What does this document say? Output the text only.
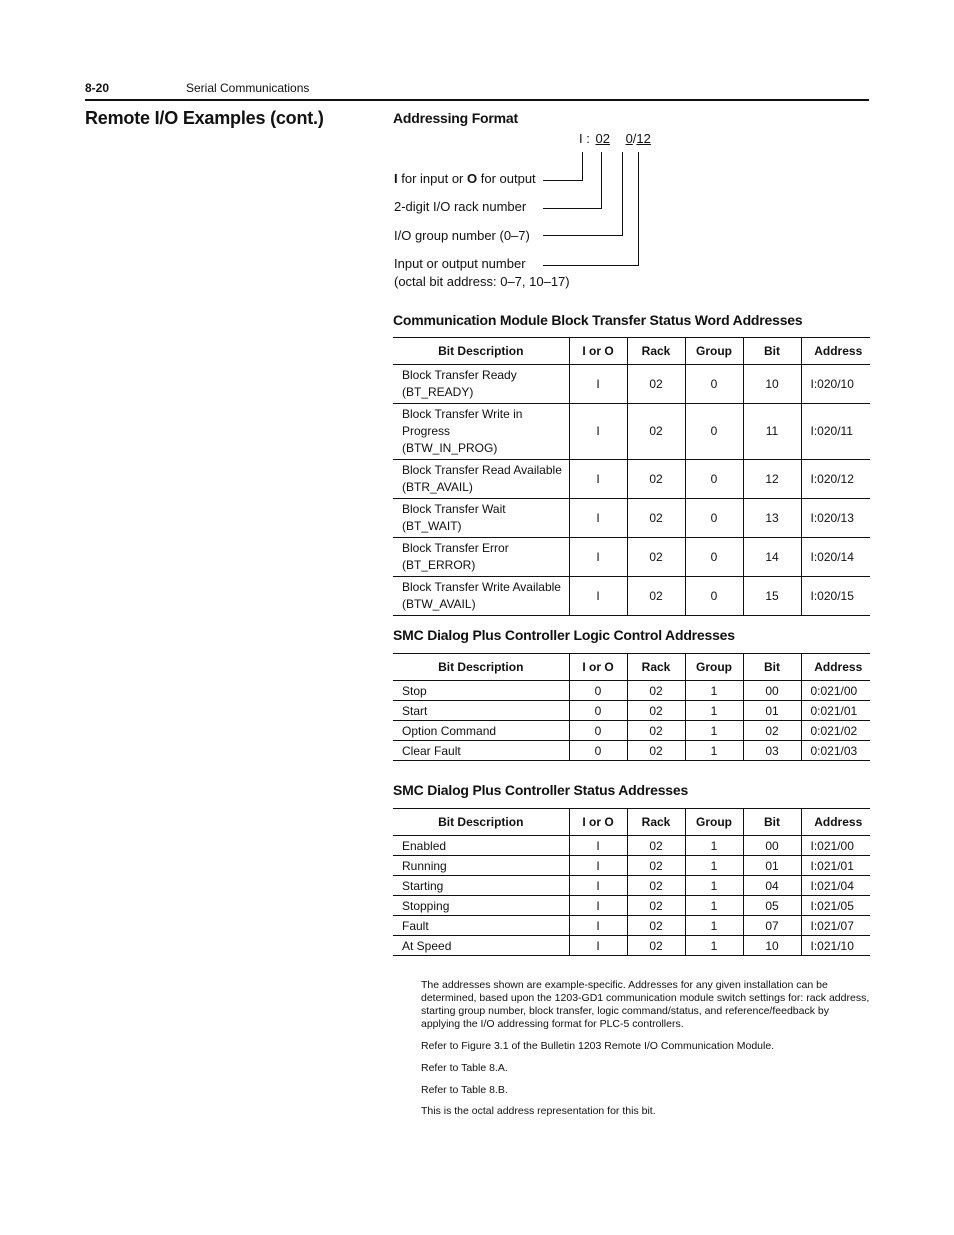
8-20	Serial Communications
Remote I/O Examples (cont.)	Addressing Format
I : 02 0/12
I for input or O for output
2-digit I/O rack number
I/O group number (0–7)
Input or output number
(octal bit address: 0–7, 10–17)
Communication Module Block Transfer Status Word Addresses
Bit Description	I or O	Rack	Group	Bit	Address

Block Transfer Ready
(BT_READY)	I	02	0	10	I:020/10

Block Transfer Write in
Progress
(BTW_IN_PROG)	I	02	0	11	I:020/11

Block Transfer Read Available
(BTR_AVAIL)	I	02	0	12	I:020/12

Block Transfer Wait
(BT_WAIT)	I	02	0	13	I:020/13

Block Transfer Error
(BT_ERROR)	I	02	0	14	I:020/14

Block Transfer Write Available
(BTW_AVAIL)	I	02	0	15	I:020/15
SMC Dialog Plus Controller Logic Control Addresses
Bit Description	I or O	Rack	Group	Bit	Address

Stop	0	02	1	00	0:021/00

Start	0	02	1	01	0:021/01

Option Command	0	02	1	02	0:021/02

Clear Fault	0	02	1	03	0:021/03
SMC Dialog Plus Controller Status Addresses
Bit Description	I or O	Rack	Group	Bit	Address

Enabled	I	02	1	00	I:021/00

Running	I	02	1	01	I:021/01

Starting	I	02	1	04	I:021/04

Stopping	I	02	1	05	I:021/05

Fault	I	02	1	07	I:021/07

At Speed	I	02	1	10	I:021/10
The addresses shown are example-specific. Addresses for any given installation can be determined, based upon the 1203-GD1 communication module switch settings for: rack address, starting group number, block transfer, logic command/status, and reference/feedback by applying the I/O addressing format for PLC-5 controllers.
Refer to Figure 3.1 of the Bulletin 1203 Remote I/O Communication Module.
Refer to Table 8.A.
Refer to Table 8.B.
This is the octal address representation for this bit.
